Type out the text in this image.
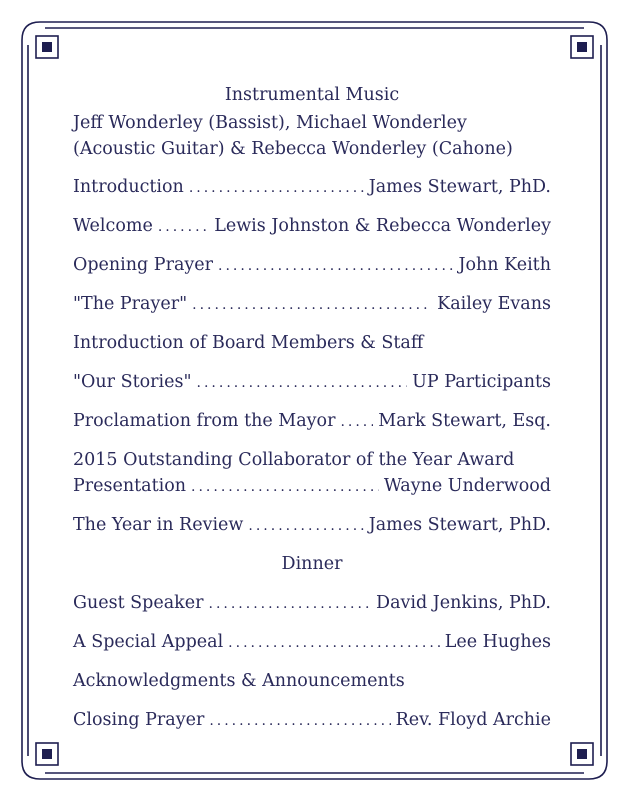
Instrumental Music
Jeff Wonderley (Bassist), Michael Wonderley (Acoustic Guitar) & Rebecca Wonderley (Cahone)
Introduction .....	James Stewart, PhD.
Welcome .....	Lewis Johnston & Rebecca Wonderley
Opening Prayer .....	John Keith
"The Prayer" .....	Kailey Evans
Introduction of Board Members & Staff
"Our Stories" .....	UP Participants
Proclamation from the Mayor ..... Mark Stewart, Esq.
2015 Outstanding Collaborator of the Year Award
Presentation .....	Wayne Underwood
The Year in Review .....	James Stewart, PhD.
Dinner
Guest Speaker .....	David Jenkins, PhD.
A Special Appeal .....	Lee Hughes
Acknowledgments & Announcements
Closing Prayer .....	Rev. Floyd Archie
